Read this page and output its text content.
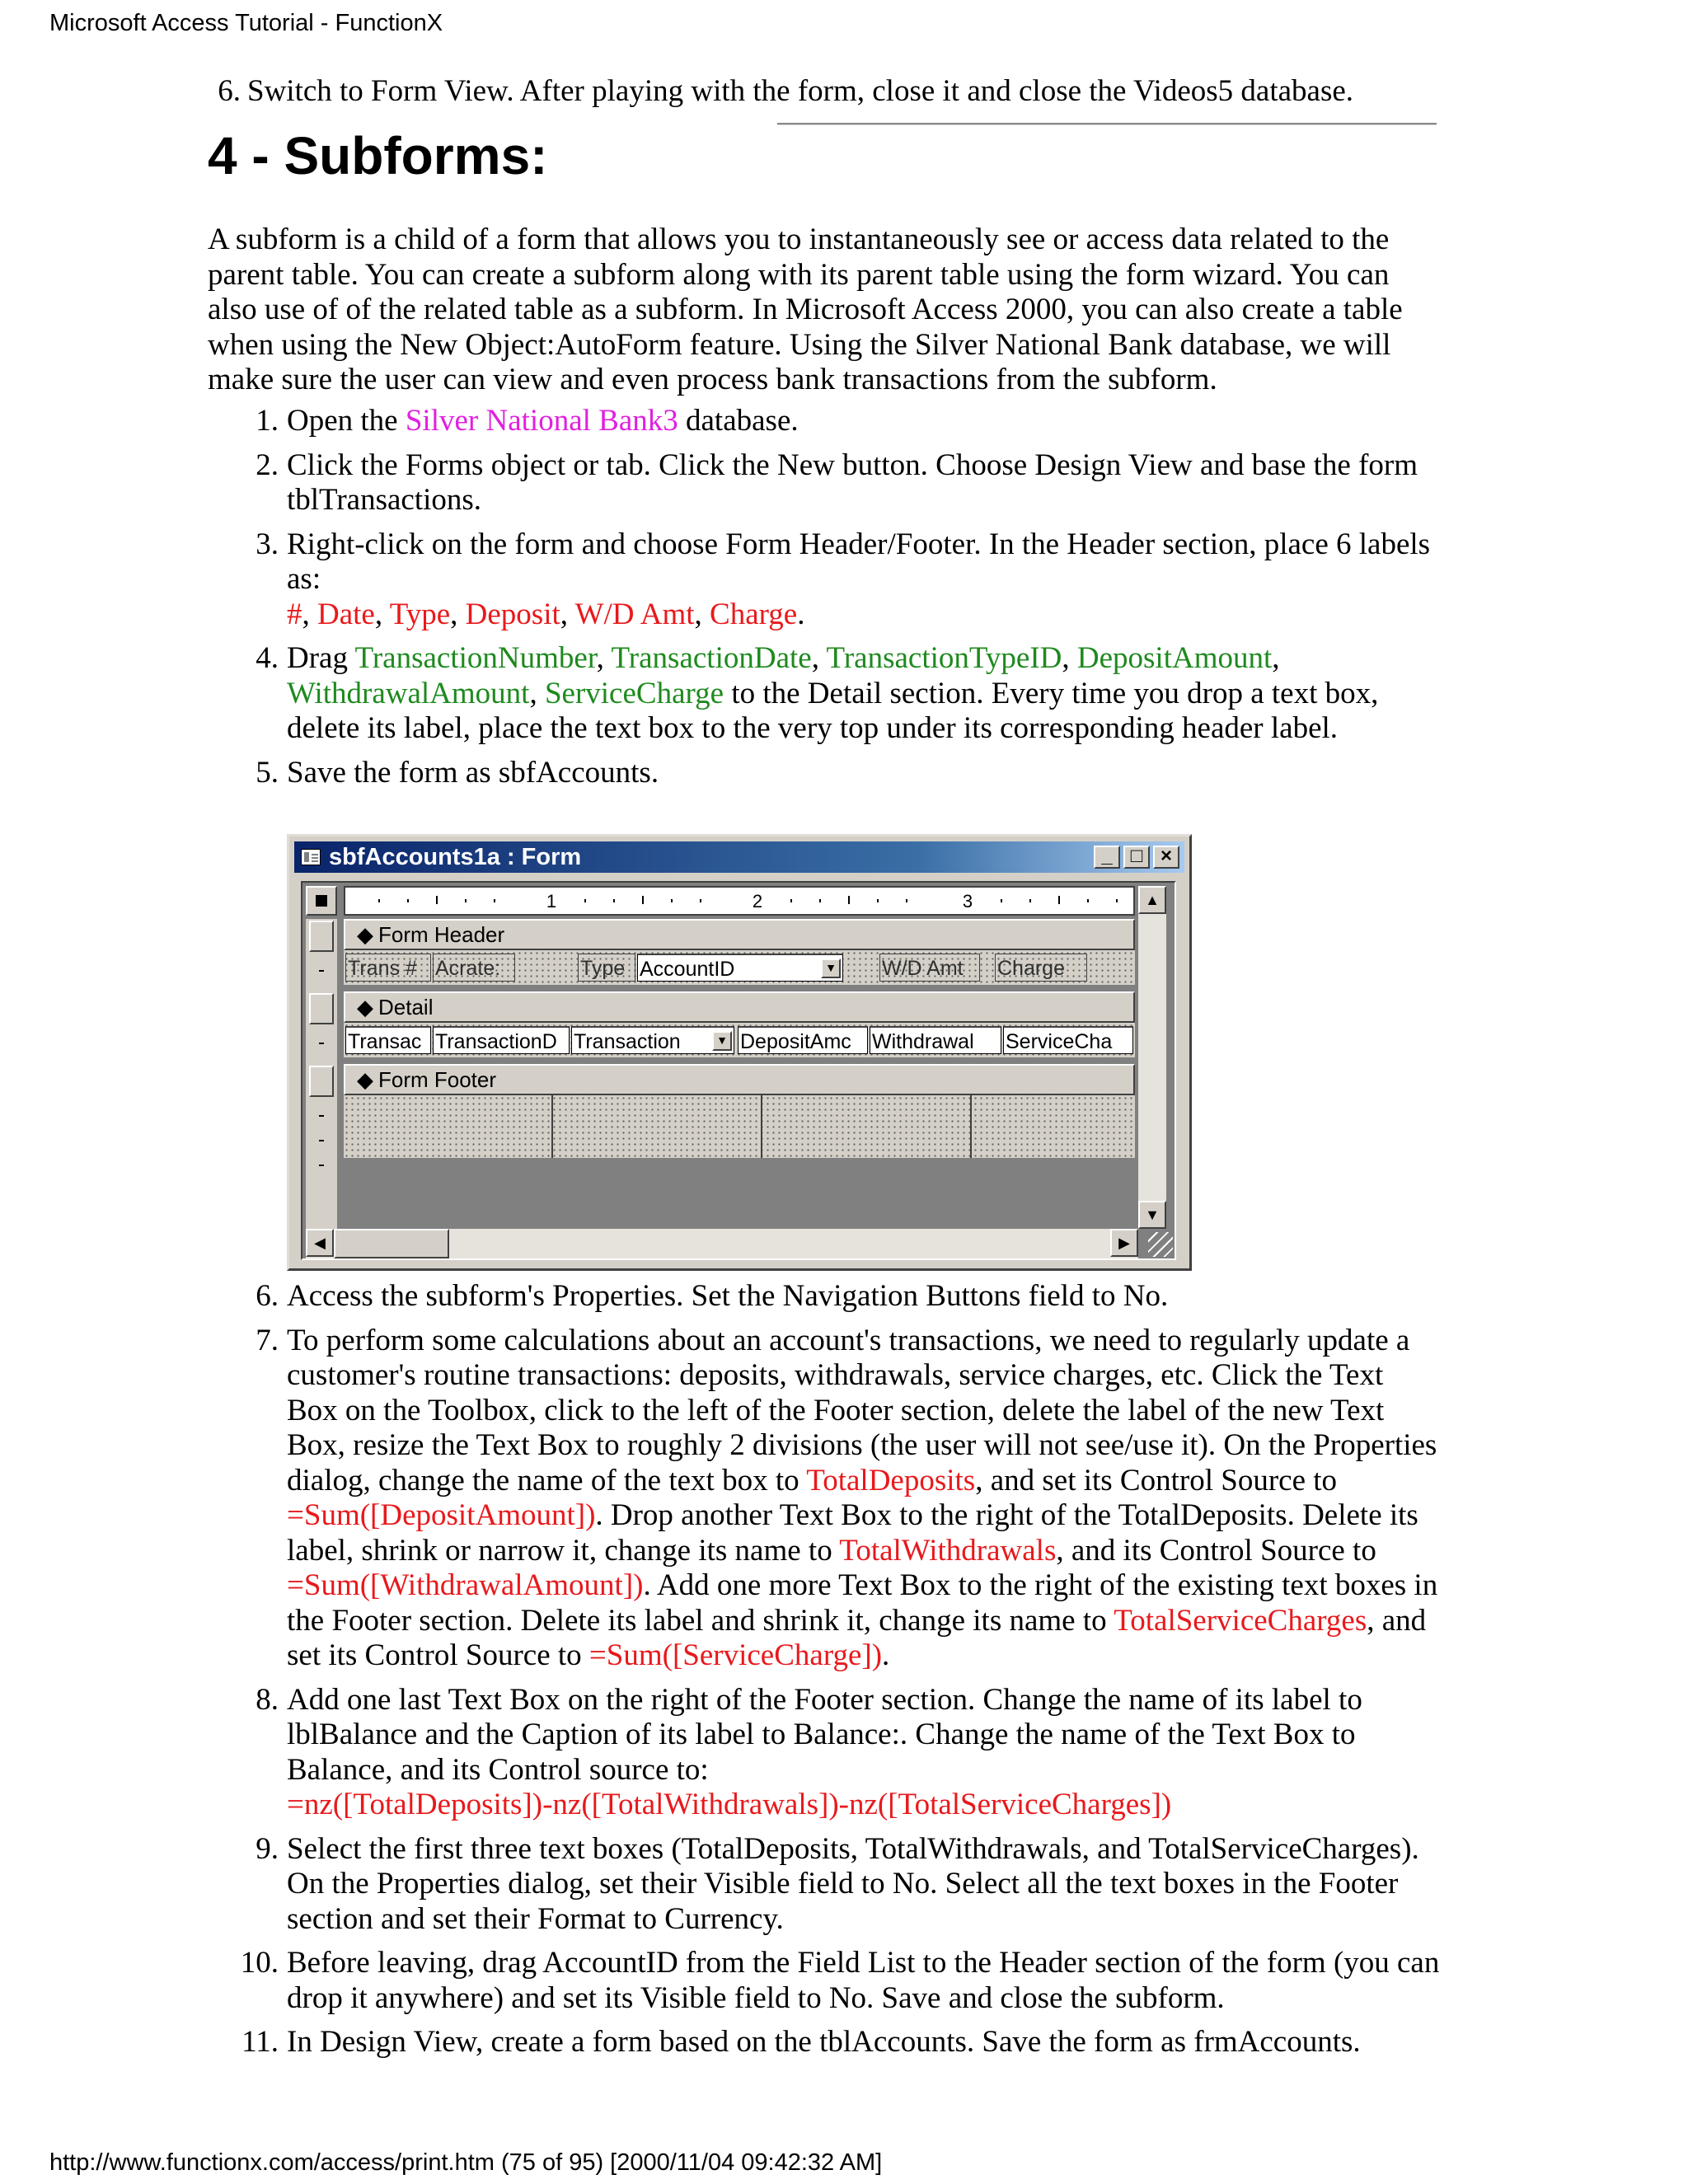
Microsoft Access Tutorial - FunctionX
6. Switch to Form View. After playing with the form, close it and close the Videos5 database.
4 - Subforms:

A subform is a child of a form that allows you to instantaneously see or access data related to the parent table. You can create a subform along with its parent table using the form wizard. You can also use of of the related table as a subform. In Microsoft Access 2000, you can also create a table when using the New Object:AutoForm feature. Using the Silver National Bank database, we will make sure the user can view and even process bank transactions from the subform.

1. Open the Silver National Bank3 database.
2. Click the Forms object or tab. Click the New button. Choose Design View and base the form tblTransactions.
3. Right-click on the form and choose Form Header/Footer. In the Header section, place 6 labels as:
#, Date, Type, Deposit, W/D Amt, Charge.
4. Drag TransactionNumber, TransactionDate, TransactionTypeID, DepositAmount, WithdrawalAmount, ServiceCharge to the Detail section. Every time you drop a text box, delete its label, place the text box to the very top under its corresponding header label.
5. Save the form as sbfAccounts.
sbfAccounts1a : Form	_ □ ×
1	2	3
◆ Form Header
Trans # Acrate:	Type AccountID	▼ W/D Amt	Charge
◆ Detail
Transac TransactionD Transaction	▼ DepositAmc	Withdrawal	ServiceCha
◆ Form Footer
▲
▼
◀	▶
6. Access the subform's Properties. Set the Navigation Buttons field to No.
7. To perform some calculations about an account's transactions, we need to regularly update a customer's routine transactions: deposits, withdrawals, service charges, etc. Click the Text Box on the Toolbox, click to the left of the Footer section, delete the label of the new Text Box, resize the Text Box to roughly 2 divisions (the user will not see/use it). On the Properties dialog, change the name of the text box to TotalDeposits, and set its Control Source to =Sum([DepositAmount]). Drop another Text Box to the right of the TotalDeposits. Delete its label, shrink or narrow it, change its name to TotalWithdrawals, and its Control Source to =Sum([WithdrawalAmount]). Add one more Text Box to the right of the existing text boxes in the Footer section. Delete its label and shrink it, change its name to TotalServiceCharges, and set its Control Source to =Sum([ServiceCharge]).
8. Add one last Text Box on the right of the Footer section. Change the name of its label to lblBalance and the Caption of its label to Balance:. Change the name of the Text Box to Balance, and its Control source to:
=nz([TotalDeposits])-nz([TotalWithdrawals])-nz([TotalServiceCharges])
9. Select the first three text boxes (TotalDeposits, TotalWithdrawals, and TotalServiceCharges). On the Properties dialog, set their Visible field to No. Select all the text boxes in the Footer section and set their Format to Currency.
10. Before leaving, drag AccountID from the Field List to the Header section of the form (you can drop it anywhere) and set its Visible field to No. Save and close the subform.
11. In Design View, create a form based on the tblAccounts. Save the form as frmAccounts.
http://www.functionx.com/access/print.htm (75 of 95) [2000/11/04 09:42:32 AM]
